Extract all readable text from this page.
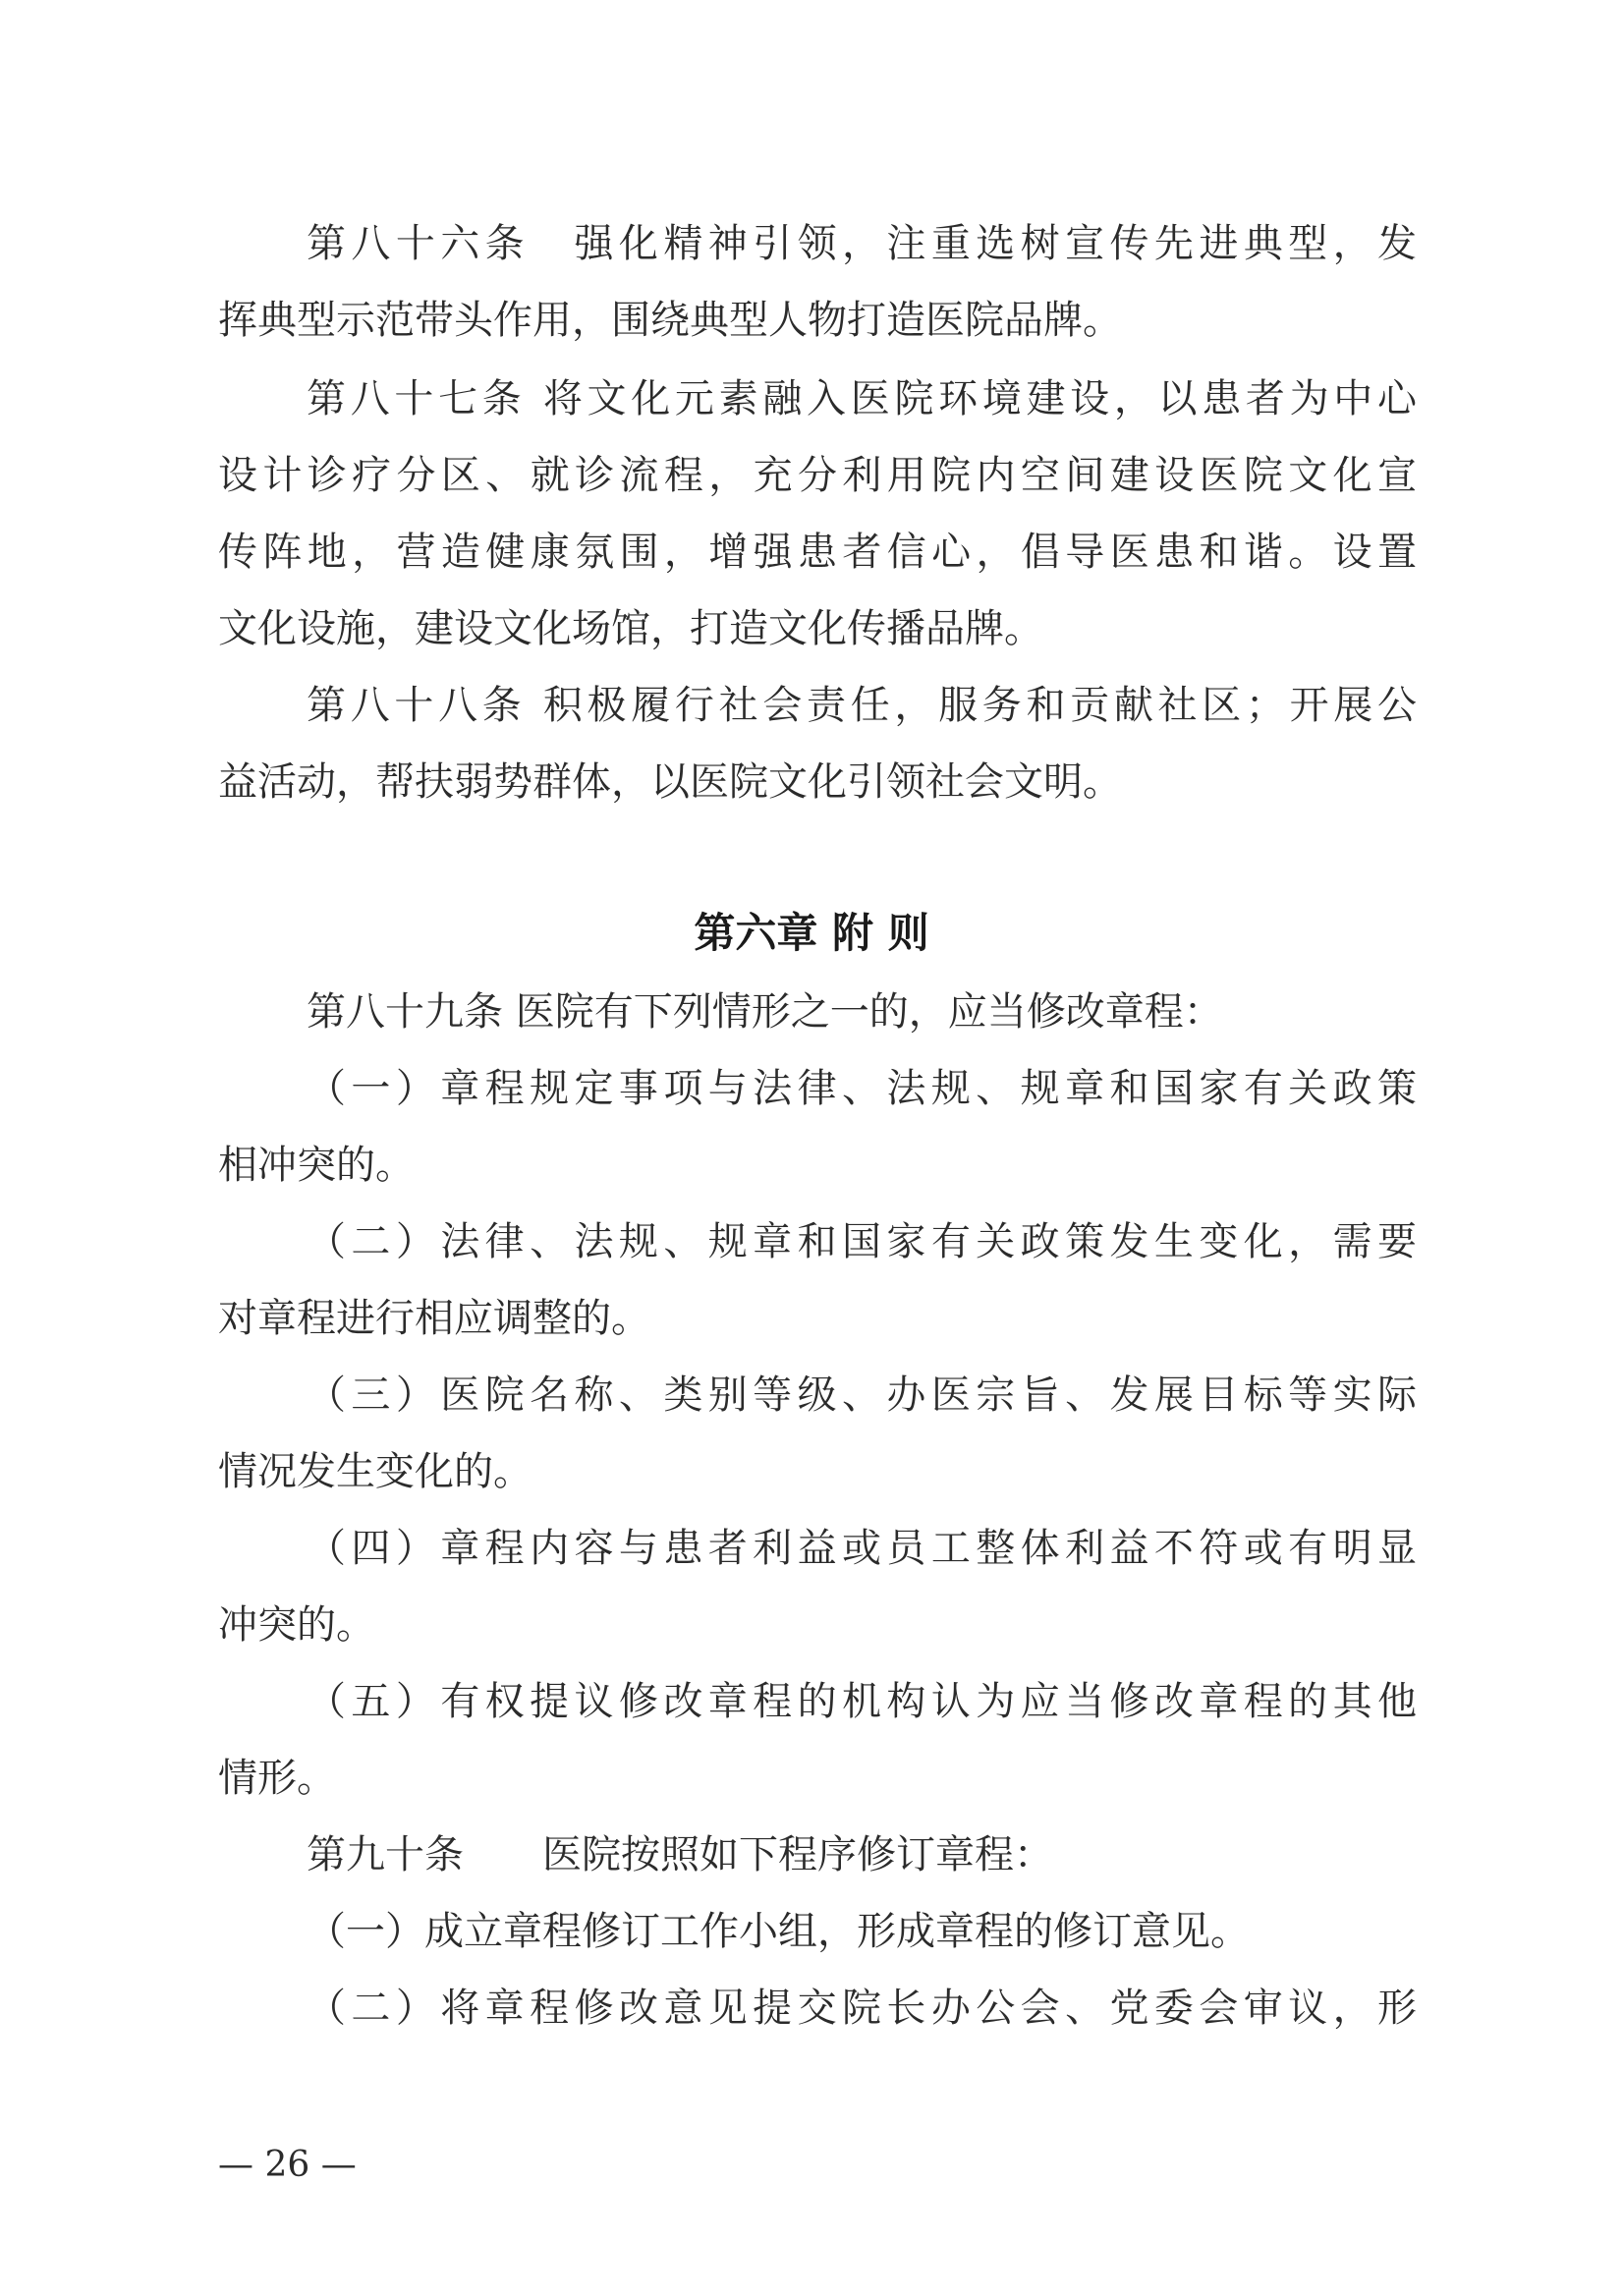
第八十六条　强化精神引领，注重选树宣传先进典型，发
挥典型示范带头作用，围绕典型人物打造医院品牌。
第八十七条 将文化元素融入医院环境建设，以患者为中心
设计诊疗分区、就诊流程，充分利用院内空间建设医院文化宣
传阵地，营造健康氛围，增强患者信心，倡导医患和谐。设置
文化设施，建设文化场馆，打造文化传播品牌。
第八十八条 积极履行社会责任，服务和贡献社区；开展公
益活动，帮扶弱势群体，以医院文化引领社会文明。
第六章 附 则
第八十九条 医院有下列情形之一的，应当修改章程：
（一）章程规定事项与法律、法规、规章和国家有关政策
相冲突的。
（二）法律、法规、规章和国家有关政策发生变化，需要
对章程进行相应调整的。
（三）医院名称、类别等级、办医宗旨、发展目标等实际
情况发生变化的。
（四）章程内容与患者利益或员工整体利益不符或有明显
冲突的。
（五）有权提议修改章程的机构认为应当修改章程的其他
情形。
第九十条　　医院按照如下程序修订章程：
（一）成立章程修订工作小组，形成章程的修订意见。
（二）将章程修改意见提交院长办公会、党委会审议，形
— 26 —
